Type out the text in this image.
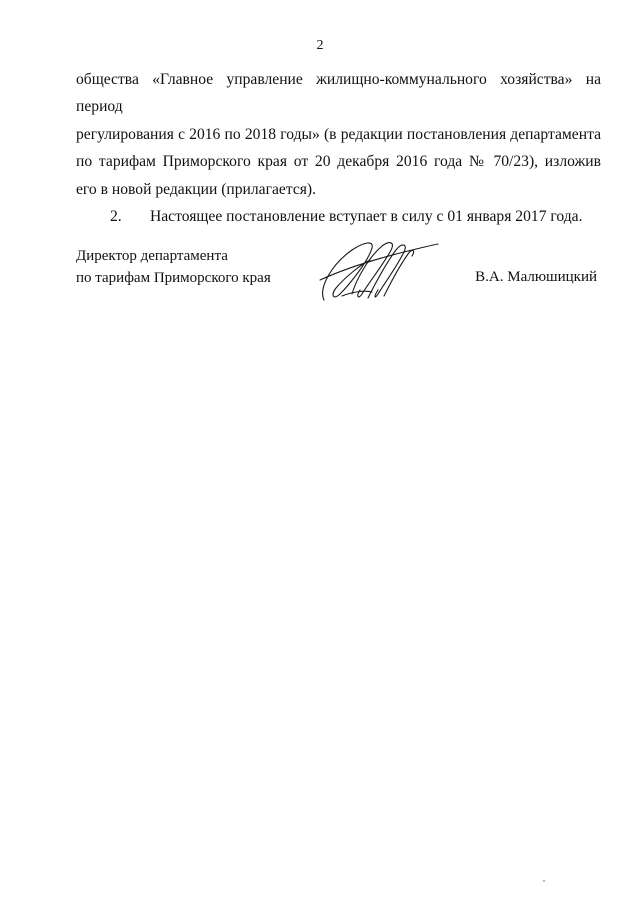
2
общества «Главное управление жилищно-коммунального хозяйства» на период
регулирования с 2016 по 2018 годы» (в редакции постановления департамента
по тарифам Приморского края от 20 декабря 2016 года № 70/23), изложив
его в новой редакции (прилагается).
2. Настоящее постановление вступает в силу с 01 января 2017 года.
Директор департамента
по тарифам Приморского края	В.А. Малюшицкий
